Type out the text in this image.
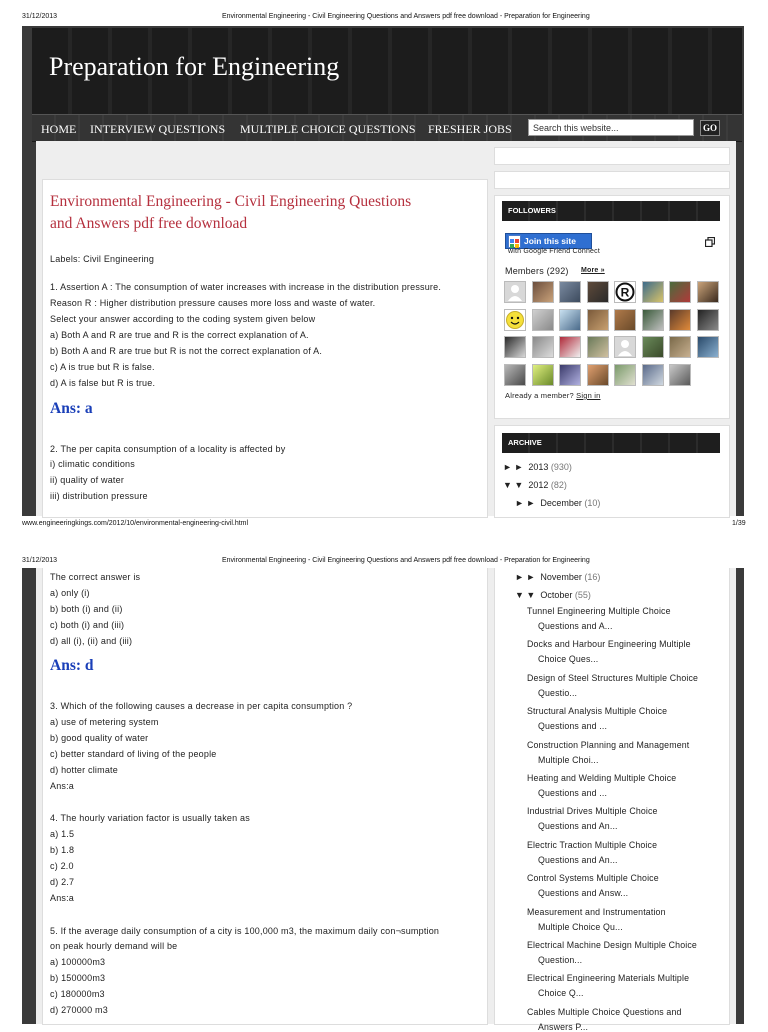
31/12/2013	Environmental Engineering - Civil Engineering Questions and Answers pdf free download - Preparation for Engineering
Preparation for Engineering
HOME INTERVIEW QUESTIONS MULTIPLE CHOICE QUESTIONS FRESHER JOBS	Search this website...	GO
Environmental Engineering - Civil Engineering Questions
and Answers pdf free download
Labels: Civil Engineering
1. Assertion A : The consumption of water increases with increase in the distribution pressure.
Reason R : Higher distribution pressure causes more loss and waste of water.
Select your answer according to the coding system given below
a) Both A and R are true and R is the correct explanation of A.
b) Both A and R are true but R is not the correct explanation of A.
c) A is true but R is false.
d) A is false but R is true.
Ans: a
2. The per capita consumption of a locality is affected by
i) climatic conditions
ii) quality of water
iii) distribution pressure
FOLLOWERS
Join this site
with Google Friend Connect
Members (292) More »
R
Already a member? Sign in
ARCHIVE
► ► 2013 (930)
▼ ▼ 2012 (82)
► ► December (10)
www.engineeringkings.com/2012/10/environmental-engineering-civil.html	1/39
31/12/2013	Environmental Engineering - Civil Engineering Questions and Answers pdf free download - Preparation for Engineering
The correct answer is
a) only (i)
b) both (i) and (ii)
c) both (i) and (iii)
d) all (i), (ii) and (iii)
Ans: d
3. Which of the following causes a decrease in per capita consumption ?
a) use of metering system
b) good quality of water
c) better standard of living of the people
d) hotter climate
Ans:a
4. The hourly variation factor is usually taken as
a) 1.5
b) 1.8
c) 2.0
d) 2.7
Ans:a
5. If the average daily consumption of a city is 100,000 m3, the maximum daily con¬sumption
on peak hourly demand will be
a) 100000m3
b) 150000m3
c) 180000m3
d) 270000 m3
► ► November (16)
▼ ▼ October (55)
Tunnel Engineering Multiple Choice
Questions and A...
Docks and Harbour Engineering Multiple
Choice Ques...
Design of Steel Structures Multiple Choice
Questio...
Structural Analysis Multiple Choice
Questions and ...
Construction Planning and Management
Multiple Choi...
Heating and Welding Multiple Choice
Questions and ...
Industrial Drives Multiple Choice
Questions and An...
Electric Traction Multiple Choice
Questions and An...
Control Systems Multiple Choice
Questions and Answ...
Measurement and Instrumentation
Multiple Choice Qu...
Electrical Machine Design Multiple Choice
Question...
Electrical Engineering Materials Multiple
Choice Q...
Cables Multiple Choice Questions and
Answers P...
